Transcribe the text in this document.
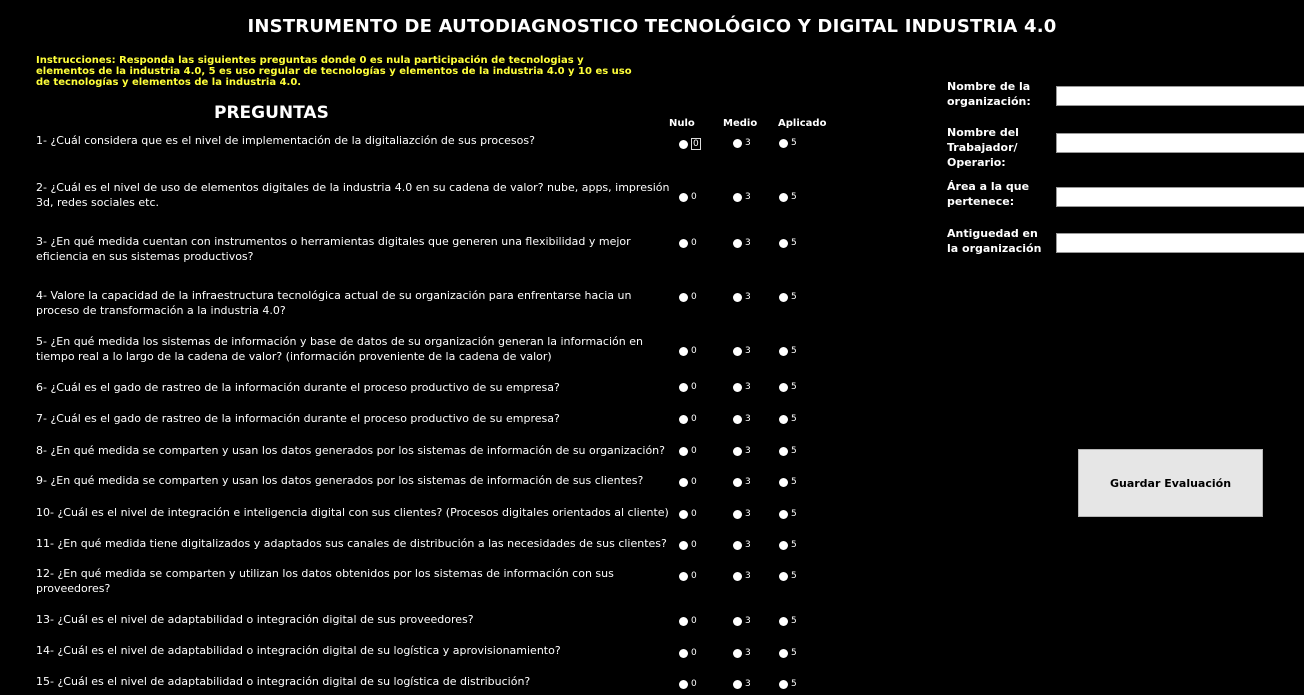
INSTRUMENTO DE AUTODIAGNOSTICO TECNOLÓGICO Y DIGITAL INDUSTRIA 4.0
Instrucciones: Responda las siguientes preguntas donde 0 es nula participación de tecnologias y elementos de la industria 4.0, 5 es uso regular de tecnologías y elementos de la industria 4.0 y 10 es uso de tecnologías y elementos de la industria 4.0.
PREGUNTAS
Nulo	Medio Aplicado
1- ¿Cuál considera que es el nivel de implementación de la digitaliazción de sus procesos?	0	3	5
2- ¿Cuál es el nivel de uso de elementos digitales de la industria 4.0 en su cadena de valor? nube, apps, impresión 3d, redes sociales etc.	0	3	5
3- ¿En qué medida cuentan con instrumentos o herramientas digitales que generen una flexibilidad y mejor eficiencia en sus sistemas productivos?
0	3	5
4- Valore la capacidad de la infraestructura tecnológica actual de su organización para enfrentarse hacia un proceso de transformación a la industria 4.0?
0	3	5
5- ¿En qué medida los sistemas de información y base de datos de su organización generan la información en tiempo real a lo largo de la cadena de valor? (información proveniente de la cadena de valor)	0	3	5
6- ¿Cuál es el gado de rastreo de la información durante el proceso productivo de su empresa?	0	3	5
7- ¿Cuál es el gado de rastreo de la información durante el proceso productivo de su empresa?	0	3	5
8- ¿En qué medida se comparten y usan los datos generados por los sistemas de información de su organización?	0	3	5
9- ¿En qué medida se comparten y usan los datos generados por los sistemas de información de sus clientes?	0	3	5
10- ¿Cuál es el nivel de integración e inteligencia digital con sus clientes? (Procesos digitales orientados al cliente)	0	3	5
11- ¿En qué medida tiene digitalizados y adaptados sus canales de distribución a las necesidades de sus clientes?	0	3	5
12- ¿En qué medida se comparten y utilizan los datos obtenidos por los sistemas de información con sus proveedores?
0	3	5
13- ¿Cuál es el nivel de adaptabilidad o integración digital de sus proveedores?	0	3	5
14- ¿Cuál es el nivel de adaptabilidad o integración digital de su logística y aprovisionamiento?	0	3	5
15- ¿Cuál es el nivel de adaptabilidad o integración digital de su logística de distribución?	0	3	5
Nombre de la organización:
Nombre del Trabajador/ Operario:
Área a la que pertenece:
Antiguedad en la organización
Guardar Evaluación
